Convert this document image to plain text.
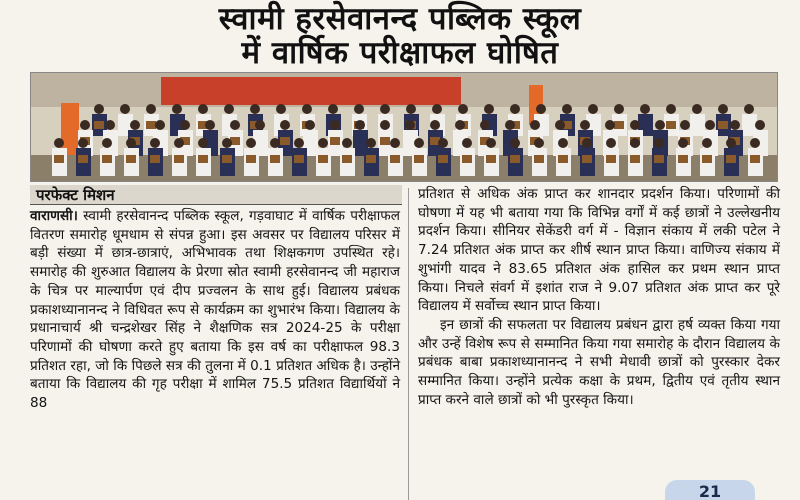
स्वामी हरसेवानन्द पब्लिक स्कूल
में वार्षिक परीक्षाफल घोषित
परफेक्ट मिशन

वाराणसी। स्वामी हरसेवानन्द पब्लिक स्कूल, गड़वाघाट में वार्षिक परीक्षाफल वितरण समारोह धूमधाम से संपन्न हुआ। इस अवसर पर विद्यालय परिसर में बड़ी संख्या में छात्र-छात्राएं, अभिभावक तथा शिक्षकगण उपस्थित रहे। समारोह की शुरुआत विद्यालय के प्रेरणा स्रोत स्वामी हरसेवानन्द जी महाराज के चित्र पर माल्यार्पण एवं दीप प्रज्वलन के साथ हुई। विद्यालय प्रबंधक प्रकाशध्यानानन्द ने विधिवत रूप से कार्यक्रम का शुभारंभ किया। विद्यालय के प्रधानाचार्य श्री चन्द्रशेखर सिंह ने शैक्षणिक सत्र 2024-25 के परीक्षा परिणामों की घोषणा करते हुए बताया कि इस वर्ष का परीक्षाफल 98.3 प्रतिशत रहा, जो कि पिछले सत्र की तुलना में 0.1 प्रतिशत अधिक है। उन्होंने बताया कि विद्यालय की गृह परीक्षा में शामिल 75.5 प्रतिशत विद्यार्थियों ने 88

प्रतिशत से अधिक अंक प्राप्त कर शानदार प्रदर्शन किया। परिणामों की घोषणा में यह भी बताया गया कि विभिन्न वर्गों में कई छात्रों ने उल्लेखनीय प्रदर्शन किया। सीनियर सेकेंडरी वर्ग में - विज्ञान संकाय में लकी पटेल ने 7.24 प्रतिशत अंक प्राप्त कर शीर्ष स्थान प्राप्त किया। वाणिज्य संकाय में शुभांगी यादव ने 83.65 प्रतिशत अंक हासिल कर प्रथम स्थान प्राप्त किया। निचले संवर्ग में इशांत राज ने 9.07 प्रतिशत अंक प्राप्त कर पूरे विद्यालय में सर्वोच्च स्थान प्राप्त किया।

इन छात्रों की सफलता पर विद्यालय प्रबंधन द्वारा हर्ष व्यक्त किया गया और उन्हें विशेष रूप से सम्मानित किया गया समारोह के दौरान विद्यालय के प्रबंधक बाबा प्रकाशध्यानानन्द ने सभी मेधावी छात्रों को पुरस्कार देकर सम्मानित किया। उन्होंने प्रत्येक कक्षा के प्रथम, द्वितीय एवं तृतीय स्थान प्राप्त करने वाले छात्रों को भी पुरस्कृत किया।

21
